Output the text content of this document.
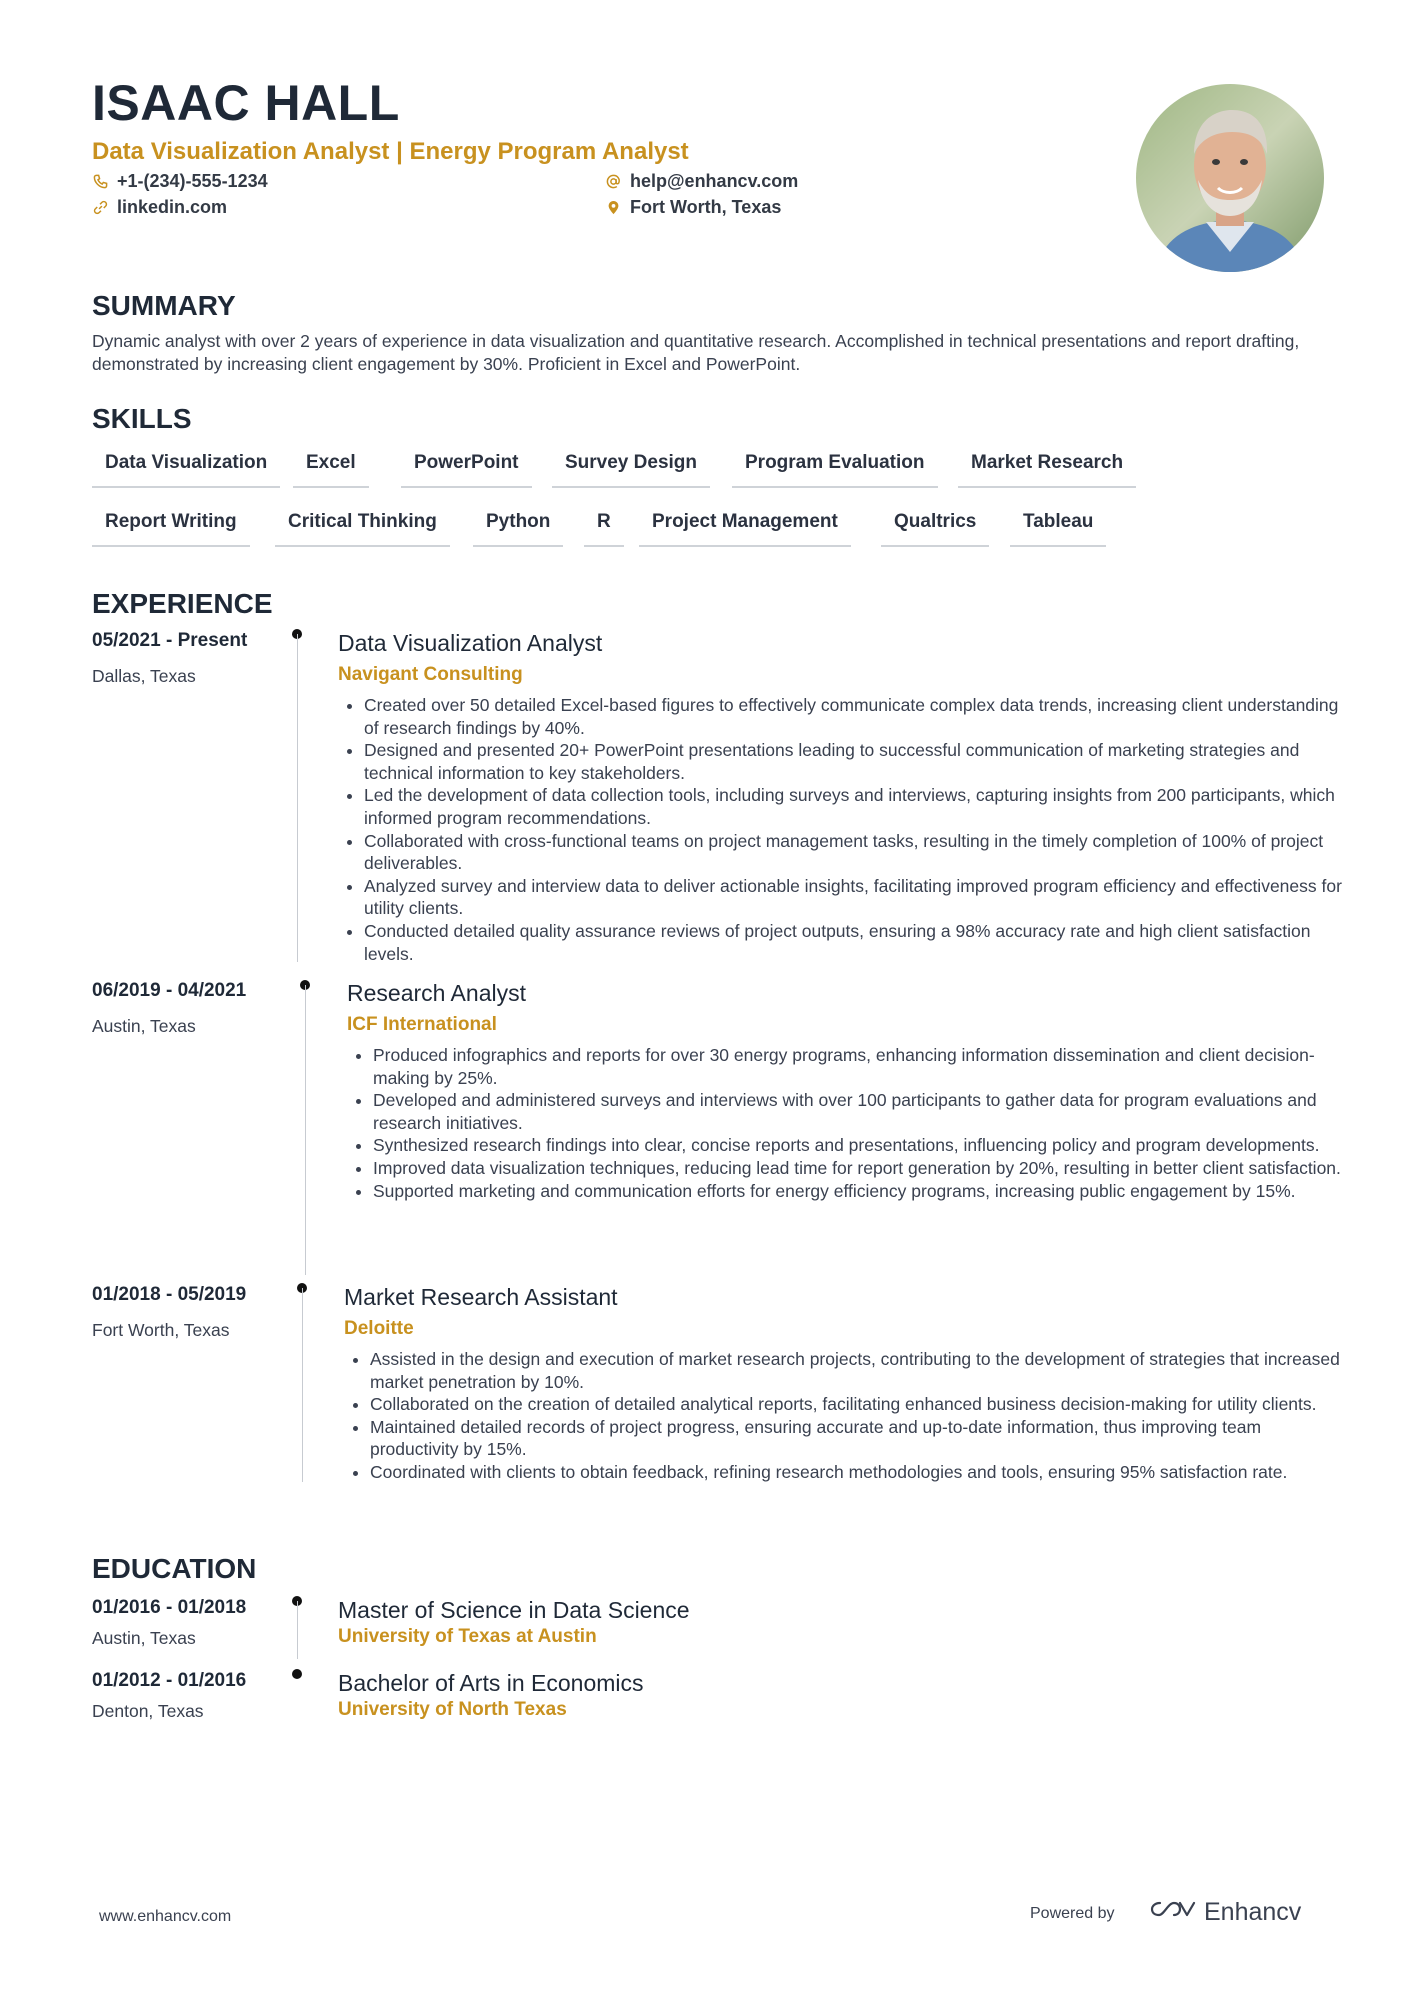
ISAAC HALL
Data Visualization Analyst | Energy Program Analyst
+1-(234)-555-1234	help@enhancv.com
linkedin.com	Fort Worth, Texas
SUMMARY
Dynamic analyst with over 2 years of experience in data visualization and quantitative research. Accomplished in technical presentations and report drafting, demonstrated by increasing client engagement by 30%. Proficient in Excel and PowerPoint.
SKILLS
Data Visualization	Excel	PowerPoint	Survey Design	Program Evaluation	Market Research
Report Writing	Critical Thinking	Python	R	Project Management	Qualtrics	Tableau
EXPERIENCE
05/2021 - Present
Dallas, Texas
Data Visualization Analyst
Navigant Consulting
• Created over 50 detailed Excel-based figures to effectively communicate complex data trends, increasing client understanding of research findings by 40%.
• Designed and presented 20+ PowerPoint presentations leading to successful communication of marketing strategies and technical information to key stakeholders.
• Led the development of data collection tools, including surveys and interviews, capturing insights from 200 participants, which informed program recommendations.
• Collaborated with cross-functional teams on project management tasks, resulting in the timely completion of 100% of project deliverables.
• Analyzed survey and interview data to deliver actionable insights, facilitating improved program efficiency and effectiveness for utility clients.
• Conducted detailed quality assurance reviews of project outputs, ensuring a 98% accuracy rate and high client satisfaction levels.
06/2019 - 04/2021
Austin, Texas
Research Analyst
ICF International
• Produced infographics and reports for over 30 energy programs, enhancing information dissemination and client decision-making by 25%.
• Developed and administered surveys and interviews with over 100 participants to gather data for program evaluations and research initiatives.
• Synthesized research findings into clear, concise reports and presentations, influencing policy and program developments.
• Improved data visualization techniques, reducing lead time for report generation by 20%, resulting in better client satisfaction.
• Supported marketing and communication efforts for energy efficiency programs, increasing public engagement by 15%.
01/2018 - 05/2019
Fort Worth, Texas
Market Research Assistant
Deloitte
• Assisted in the design and execution of market research projects, contributing to the development of strategies that increased market penetration by 10%.
• Collaborated on the creation of detailed analytical reports, facilitating enhanced business decision-making for utility clients.
• Maintained detailed records of project progress, ensuring accurate and up-to-date information, thus improving team productivity by 15%.
• Coordinated with clients to obtain feedback, refining research methodologies and tools, ensuring 95% satisfaction rate.
EDUCATION
01/2016 - 01/2018
Austin, Texas
Master of Science in Data Science
University of Texas at Austin
01/2012 - 01/2016
Denton, Texas
Bachelor of Arts in Economics
University of North Texas
www.enhancv.com	Powered by	Enhancv
